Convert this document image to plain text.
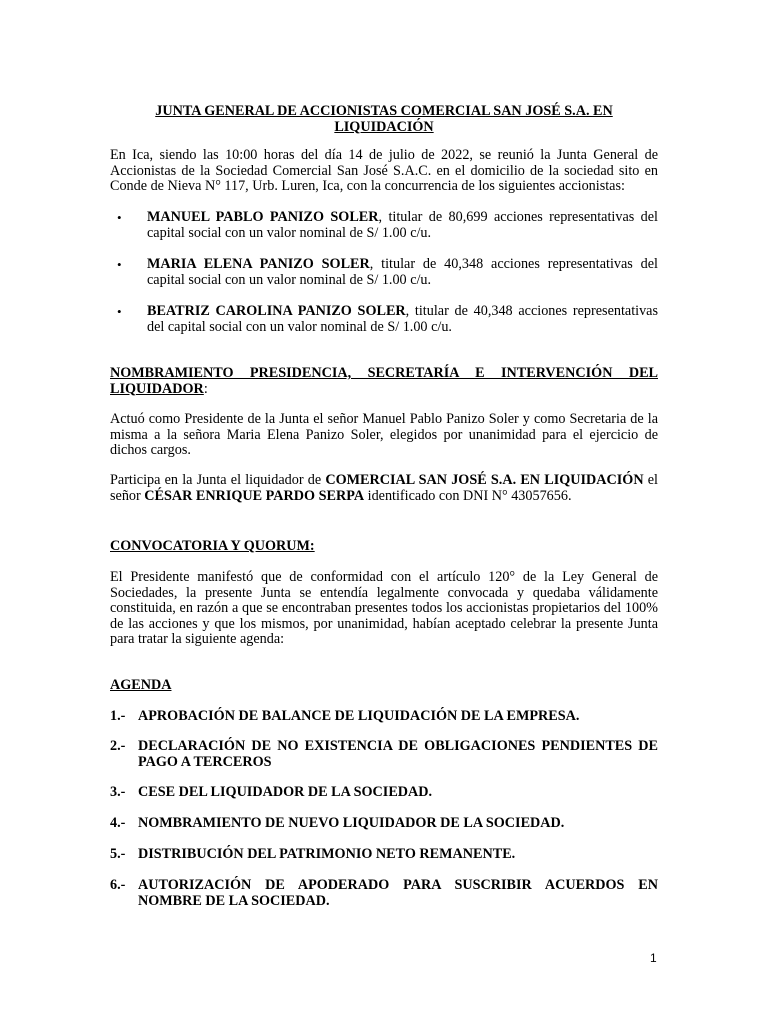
JUNTA GENERAL DE ACCIONISTAS COMERCIAL SAN JOSÉ S.A. EN
LIQUIDACIÓN
En Ica, siendo las 10:00 horas del día 14 de julio de 2022, se reunió la Junta General de Accionistas de la Sociedad Comercial San José S.A.C. en el domicilio de la sociedad sito en Conde de Nieva N° 117, Urb. Luren, Ica, con la concurrencia de los siguientes accionistas:
• MANUEL PABLO PANIZO SOLER, titular de 80,699 acciones representativas del capital social con un valor nominal de S/ 1.00 c/u.
• MARIA ELENA PANIZO SOLER, titular de 40,348 acciones representativas del capital social con un valor nominal de S/ 1.00 c/u.
• BEATRIZ CAROLINA PANIZO SOLER, titular de 40,348 acciones representativas del capital social con un valor nominal de S/ 1.00 c/u.
NOMBRAMIENTO PRESIDENCIA, SECRETARÍA E INTERVENCIÓN DEL LIQUIDADOR:
Actuó como Presidente de la Junta el señor Manuel Pablo Panizo Soler y como Secretaria de la misma a la señora Maria Elena Panizo Soler, elegidos por unanimidad para el ejercicio de dichos cargos.
Participa en la Junta el liquidador de COMERCIAL SAN JOSÉ S.A. EN LIQUIDACIÓN el señor CÉSAR ENRIQUE PARDO SERPA identificado con DNI N° 43057656.
CONVOCATORIA Y QUORUM:
El Presidente manifestó que de conformidad con el artículo 120° de la Ley General de Sociedades, la presente Junta se entendía legalmente convocada y quedaba válidamente constituida, en razón a que se encontraban presentes todos los accionistas propietarios del 100% de las acciones y que los mismos, por unanimidad, habían aceptado celebrar la presente Junta para tratar la siguiente agenda:
AGENDA
1.- APROBACIÓN DE BALANCE DE LIQUIDACIÓN DE LA EMPRESA.
2.- DECLARACIÓN DE NO EXISTENCIA DE OBLIGACIONES PENDIENTES DE PAGO A TERCEROS
3.- CESE DEL LIQUIDADOR DE LA SOCIEDAD.
4.- NOMBRAMIENTO DE NUEVO LIQUIDADOR DE LA SOCIEDAD.
5.- DISTRIBUCIÓN DEL PATRIMONIO NETO REMANENTE.
6.- AUTORIZACIÓN DE APODERADO PARA SUSCRIBIR ACUERDOS EN NOMBRE DE LA SOCIEDAD.
1
